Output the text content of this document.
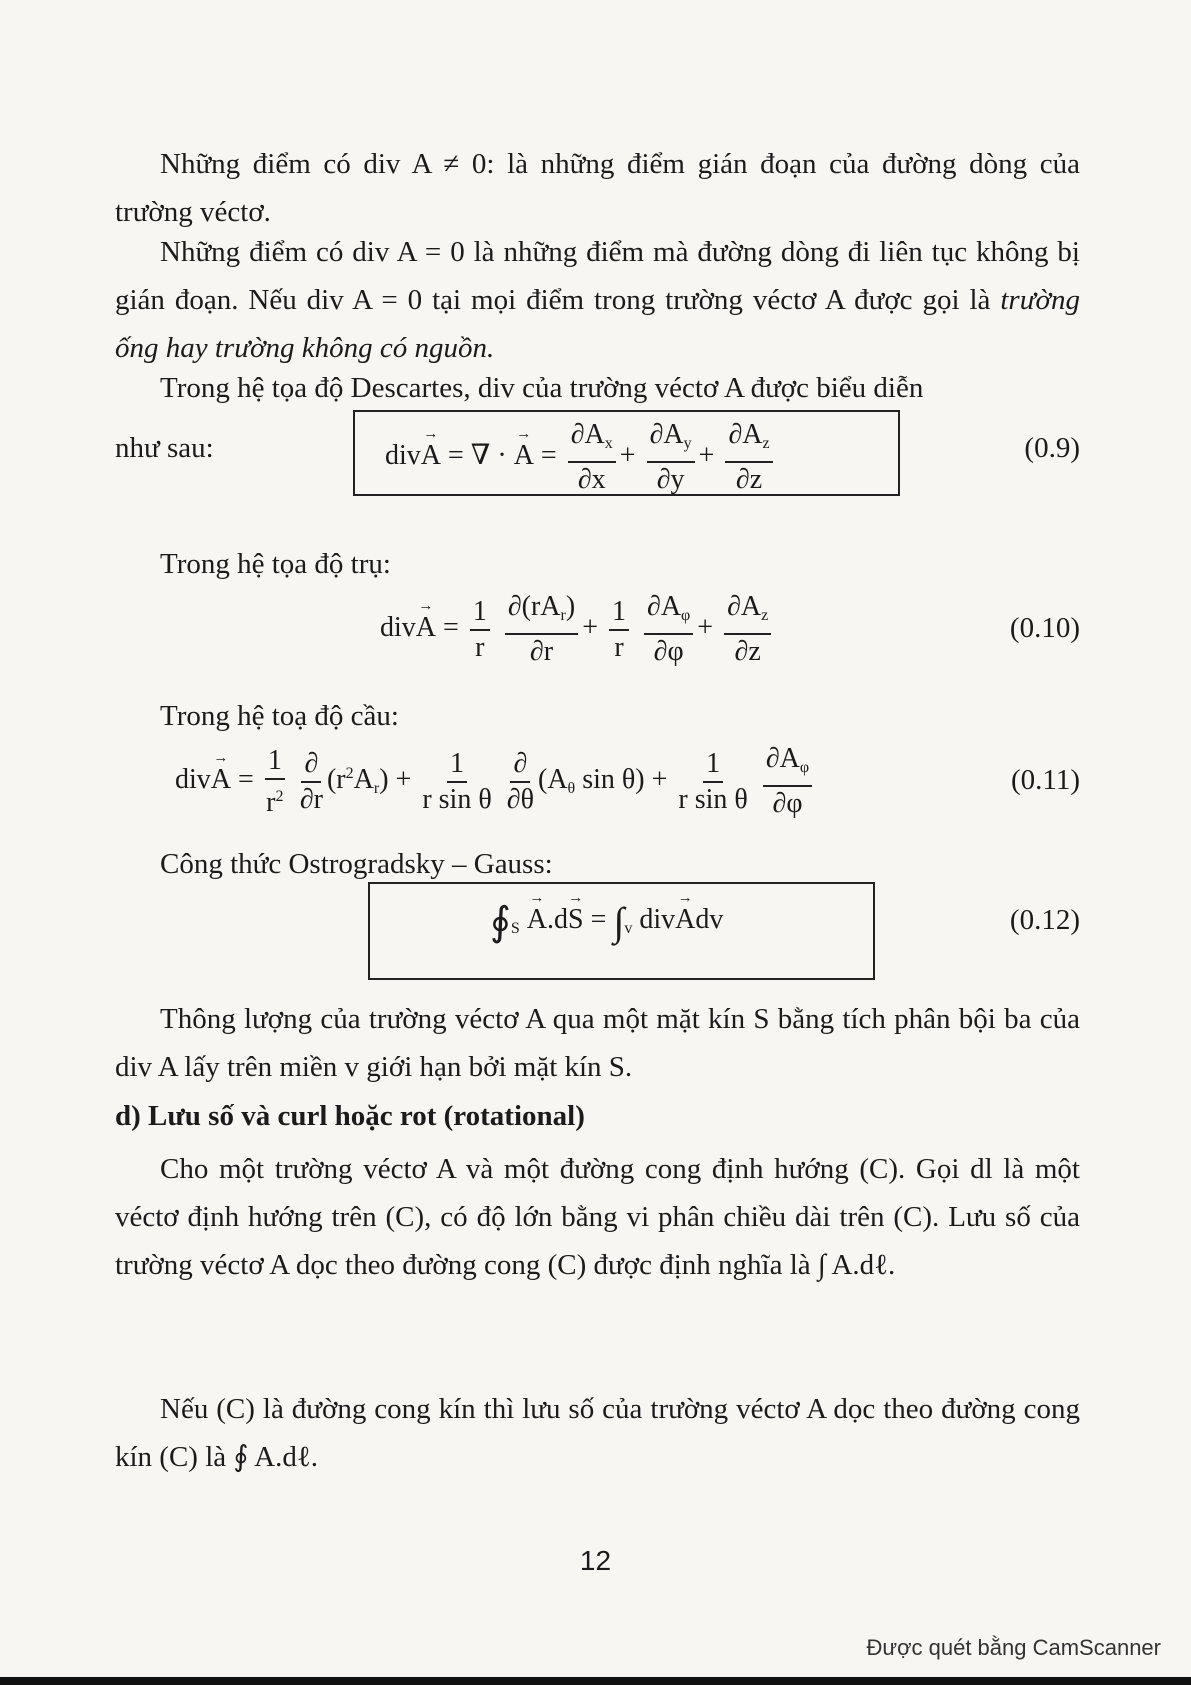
Những điểm có div A ≠ 0: là những điểm gián đoạn của đường dòng của trường véctơ.
Những điểm có div A = 0 là những điểm mà đường dòng đi liên tục không bị gián đoạn. Nếu div A = 0 tại mọi điểm trong trường véctơ A được gọi là trường ống hay trường không có nguồn.
Trong hệ tọa độ Descartes, div của trường véctơ A được biểu diễn
như sau:	div→ A = ∇ · → $A = \frac{\partial A_x}{\partial x} + \frac{\partial A_y}{\partial y} + \frac{\partial A_z}{\partial z}$	(0.9)
Trong hệ tọa độ trụ:
$div\to A = \frac{1}{r}$
$\frac{\partial(rA_r)}{\partial r} + \frac{1}{r}$
$\frac{\partial A_\varphi}{\partial\varphi} + \frac{\partial A_z}{\partial z}$	(0.10)
Trong hệ toạ độ cầu:
$div\to A = \frac{1}{r^2}$
$\frac{\partial}{\partial r} (r^2A_r) + \frac{1}{\text{r sin θ}}$
$\frac{\partial}{\partial\theta} (A_\theta$ $\sin \theta) + \frac{1}{\text{r sin θ}}$
$\frac{\partial A_\varphi}{\partial\varphi}$	(0.11)
Công thức Ostrogradsky – Gauss:
$∮_S \to A.d\to S = \int_v$ div→ Adv	(0.12)
Thông lượng của trường véctơ A qua một mặt kín S bằng tích phân bội ba của div A lấy trên miền v giới hạn bởi mặt kín S.
d) Lưu số và curl hoặc rot (rotational)
Cho một trường véctơ A và một đường cong định hướng (C). Gọi dl là một véctơ định hướng trên (C), có độ lớn bằng vi phân chiều dài trên (C). Lưu số của trường véctơ A dọc theo đường cong (C) được định nghĩa là ∫ A.dℓ.
Nếu (C) là đường cong kín thì lưu số của trường véctơ A dọc theo đường cong kín (C) là ∮ A.dℓ.
12
Được quét bằng CamScanner
